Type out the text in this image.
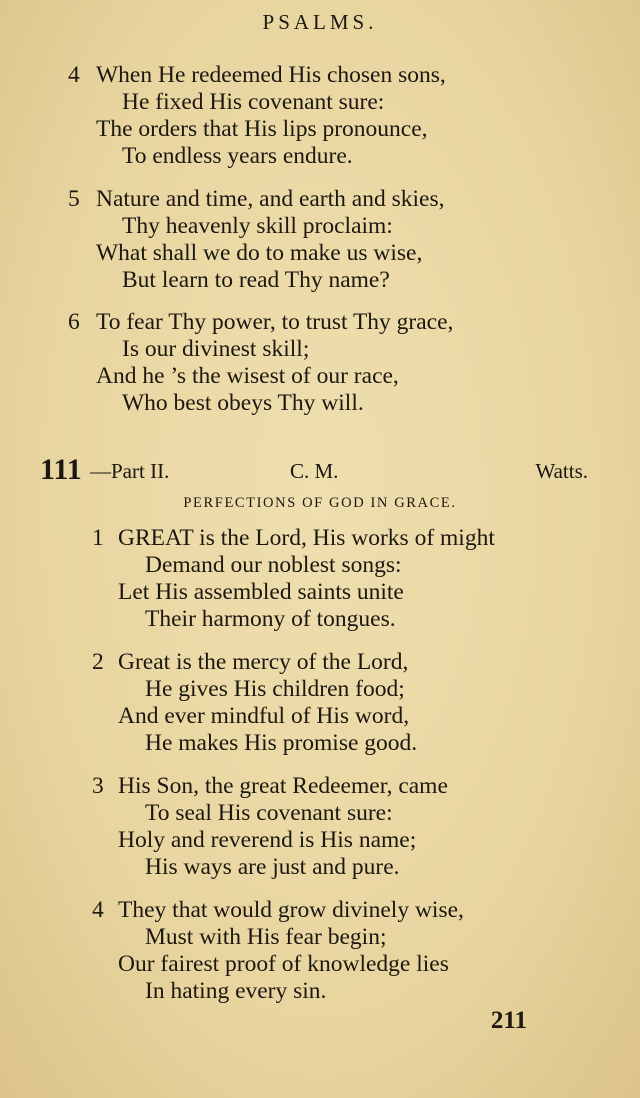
PSALMS.
4 When He redeemed His chosen sons,
He fixed His covenant sure:
The orders that His lips pronounce,
To endless years endure.
5 Nature and time, and earth and skies,
Thy heavenly skill proclaim:
What shall we do to make us wise,
But learn to read Thy name?
6 To fear Thy power, to trust Thy grace,
Is our divinest skill;
And he ’s the wisest of our race,
Who best obeys Thy will.
111 —Part II.	C. M.	Watts.
PERFECTIONS OF GOD IN GRACE.
1 GREAT is the Lord, His works of might
Demand our noblest songs:
Let His assembled saints unite
Their harmony of tongues.
2 Great is the mercy of the Lord,
He gives His children food;
And ever mindful of His word,
He makes His promise good.
3 His Son, the great Redeemer, came
To seal His covenant sure:
Holy and reverend is His name;
His ways are just and pure.
4 They that would grow divinely wise,
Must with His fear begin;
Our fairest proof of knowledge lies
In hating every sin.
211
